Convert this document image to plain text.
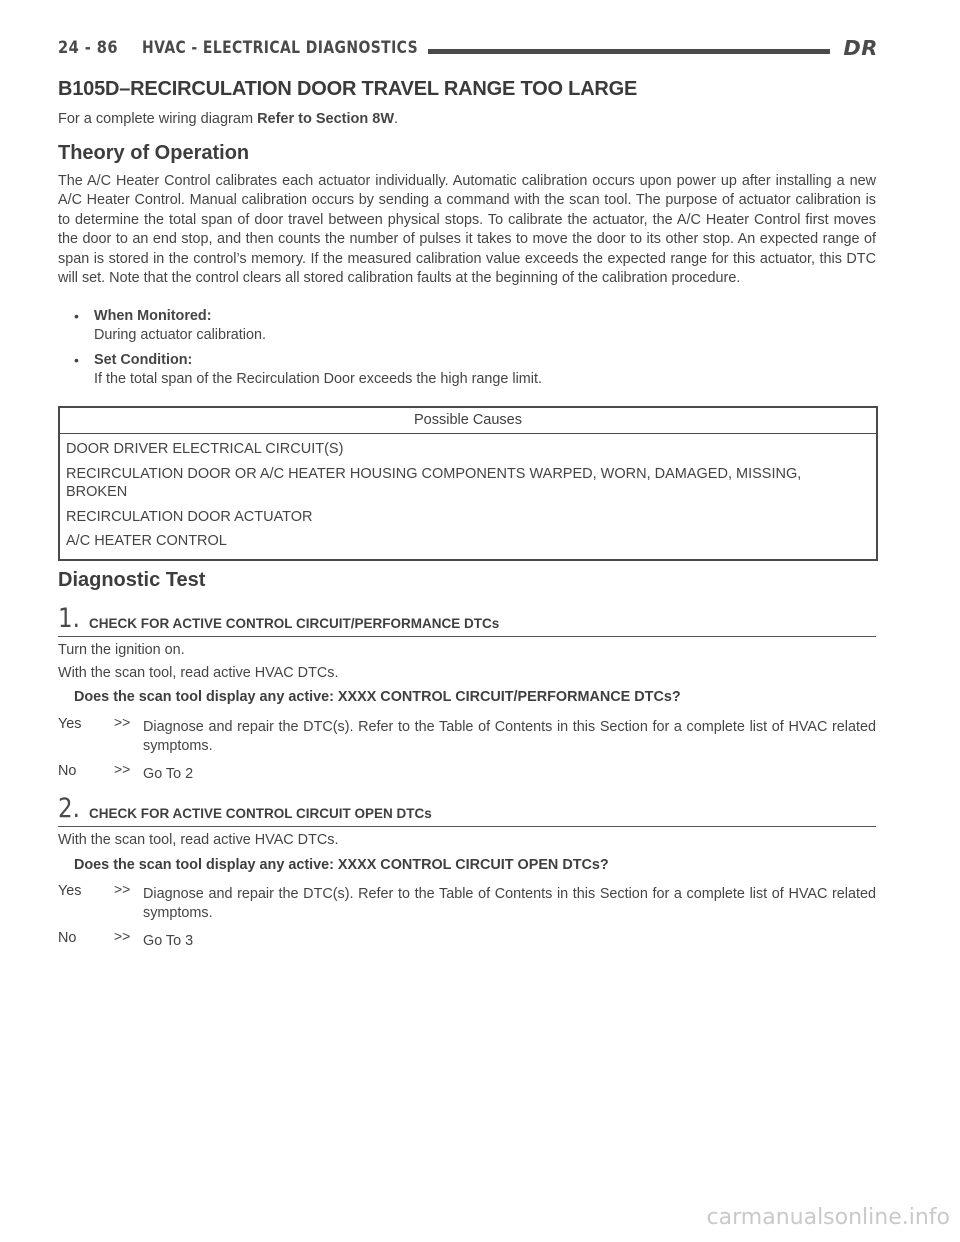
24 - 86 HVAC - ELECTRICAL DIAGNOSTICS	DR
B105D–RECIRCULATION DOOR TRAVEL RANGE TOO LARGE
For a complete wiring diagram Refer to Section 8W.
Theory of Operation

The A/C Heater Control calibrates each actuator individually. Automatic calibration occurs upon power up after installing a new A/C Heater Control. Manual calibration occurs by sending a command with the scan tool. The purpose of actuator calibration is to determine the total span of door travel between physical stops. To calibrate the actuator, the A/C Heater Control first moves the door to an end stop, and then counts the number of pulses it takes to move the door to its other stop. An expected range of span is stored in the control’s memory. If the measured calibration value exceeds the expected range for this actuator, this DTC will set. Note that the control clears all stored calibration faults at the beginning of the calibration procedure.

• When Monitored:
During actuator calibration.
• Set Condition:
If the total span of the Recirculation Door exceeds the high range limit.
Possible Causes
DOOR DRIVER ELECTRICAL CIRCUIT(S)
RECIRCULATION DOOR OR A/C HEATER HOUSING COMPONENTS WARPED, WORN, DAMAGED, MISSING, BROKEN
RECIRCULATION DOOR ACTUATOR
A/C HEATER CONTROL
Diagnostic Test
1. CHECK FOR ACTIVE CONTROL CIRCUIT/PERFORMANCE DTCs
Turn the ignition on.
With the scan tool, read active HVAC DTCs.
Does the scan tool display any active: XXXX CONTROL CIRCUIT/PERFORMANCE DTCs?
Yes >> Diagnose and repair the DTC(s). Refer to the Table of Contents in this Section for a complete list of HVAC related symptoms.
No	>> Go To 2
2. CHECK FOR ACTIVE CONTROL CIRCUIT OPEN DTCs
With the scan tool, read active HVAC DTCs.
Does the scan tool display any active: XXXX CONTROL CIRCUIT OPEN DTCs?
Yes >> Diagnose and repair the DTC(s). Refer to the Table of Contents in this Section for a complete list of HVAC related symptoms.
No	>> Go To 3
carmanualsonline.info
